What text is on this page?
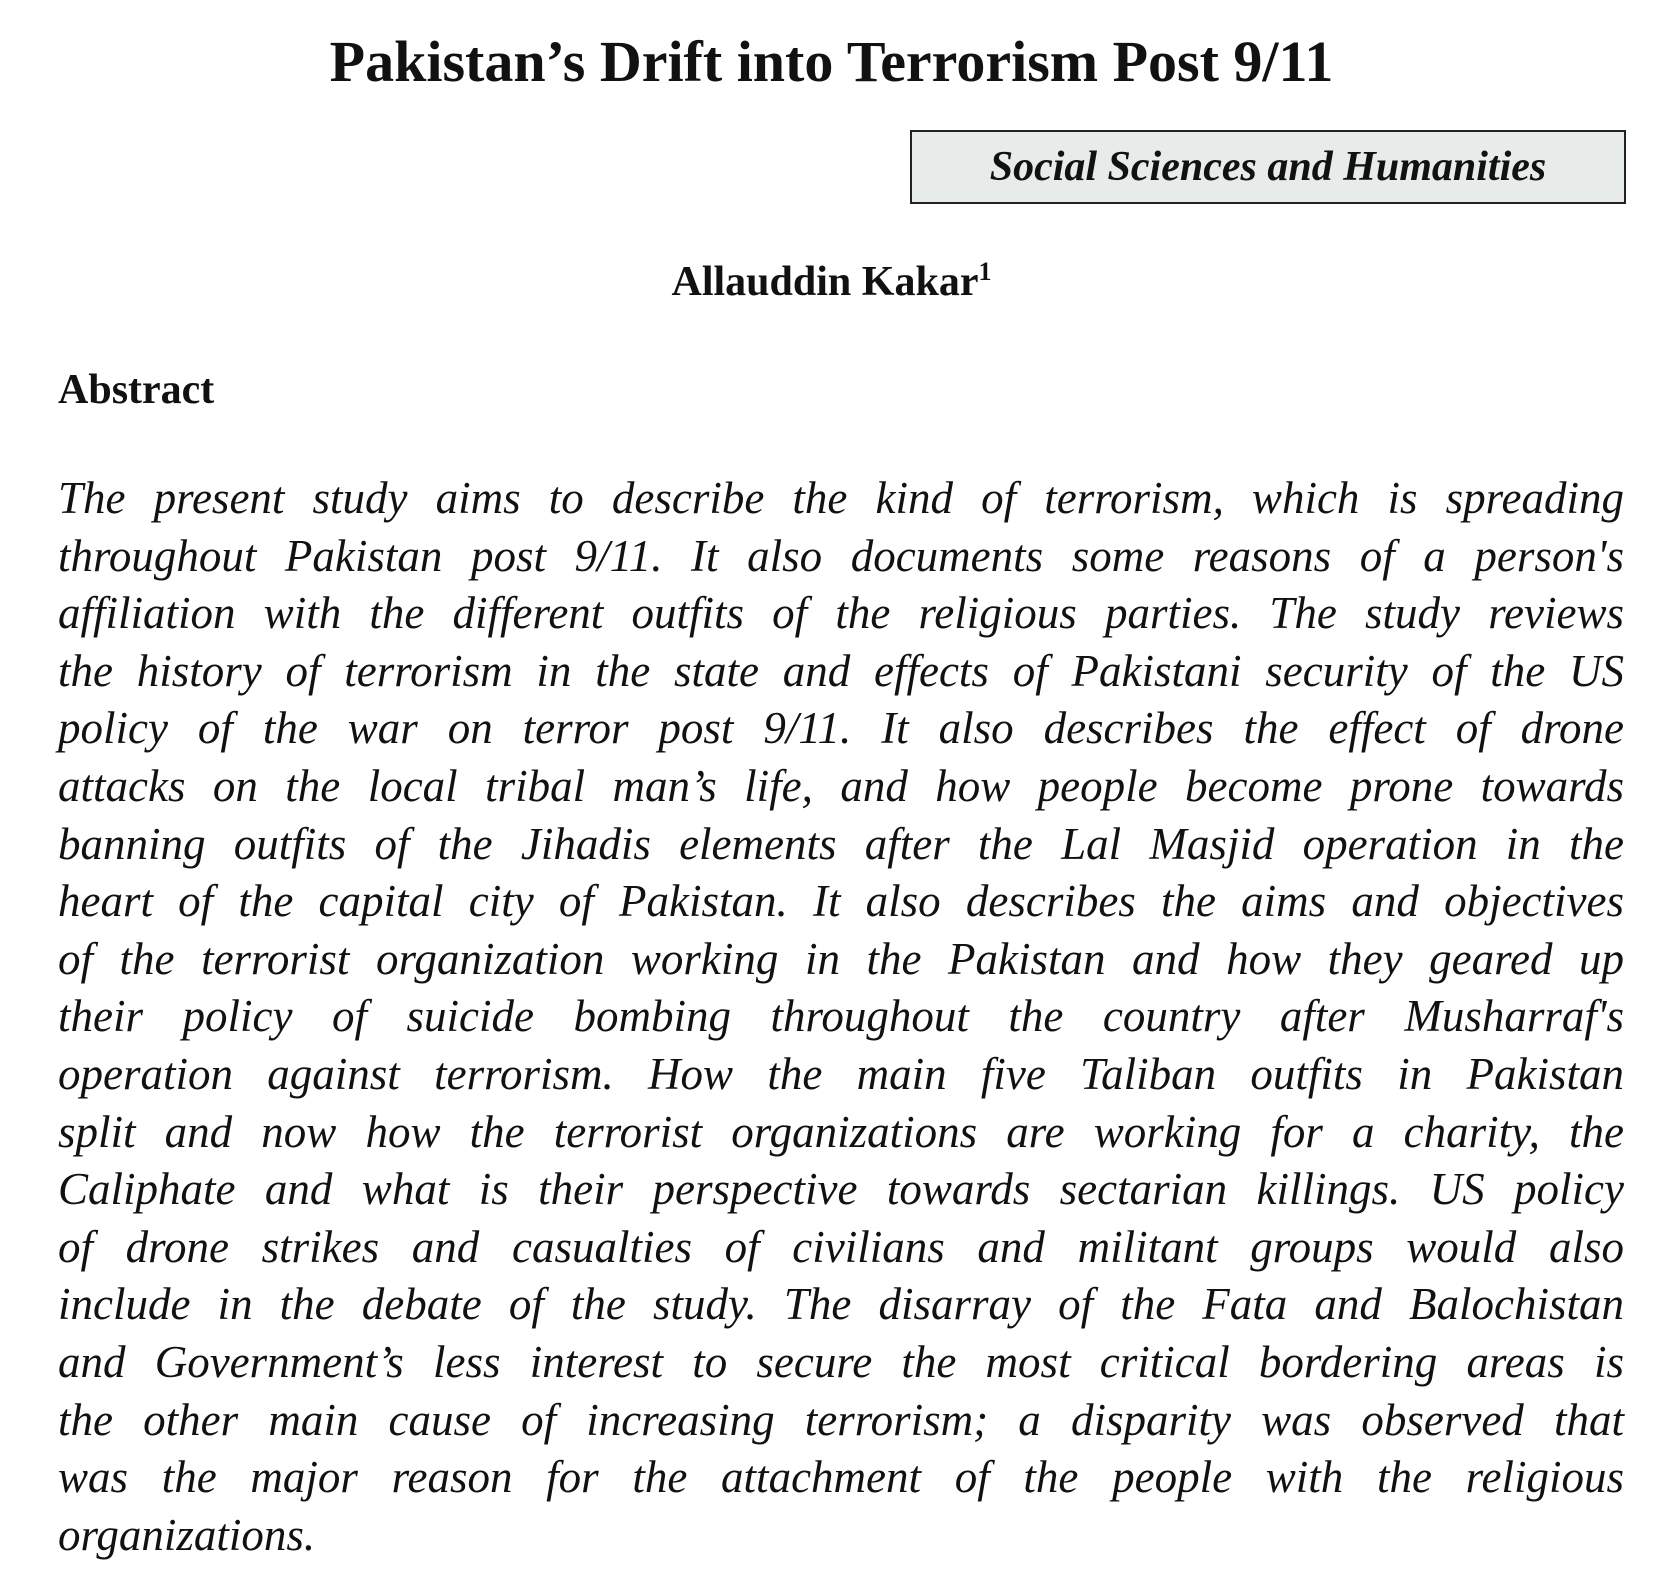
Pakistan’s Drift into Terrorism Post 9/11
Social Sciences and Humanities
Allauddin Kakar$^1$
Abstract
The present study aims to describe the kind of terrorism, which is spreading
throughout Pakistan post 9/11. It also documents some reasons of a person's
affiliation with the different outfits of the religious parties. The study reviews
the history of terrorism in the state and effects of Pakistani security of the US
policy of the war on terror post 9/11. It also describes the effect of drone
attacks on the local tribal man’s life, and how people become prone towards
banning outfits of the Jihadis elements after the Lal Masjid operation in the
heart of the capital city of Pakistan. It also describes the aims and objectives
of the terrorist organization working in the Pakistan and how they geared up
their policy of suicide bombing throughout the country after Musharraf's
operation against terrorism. How the main five Taliban outfits in Pakistan
split and now how the terrorist organizations are working for a charity, the
Caliphate and what is their perspective towards sectarian killings. US policy
of drone strikes and casualties of civilians and militant groups would also
include in the debate of the study. The disarray of the Fata and Balochistan
and Government’s less interest to secure the most critical bordering areas is
the other main cause of increasing terrorism; a disparity was observed that
was the major reason for the attachment of the people with the religious
organizations.
